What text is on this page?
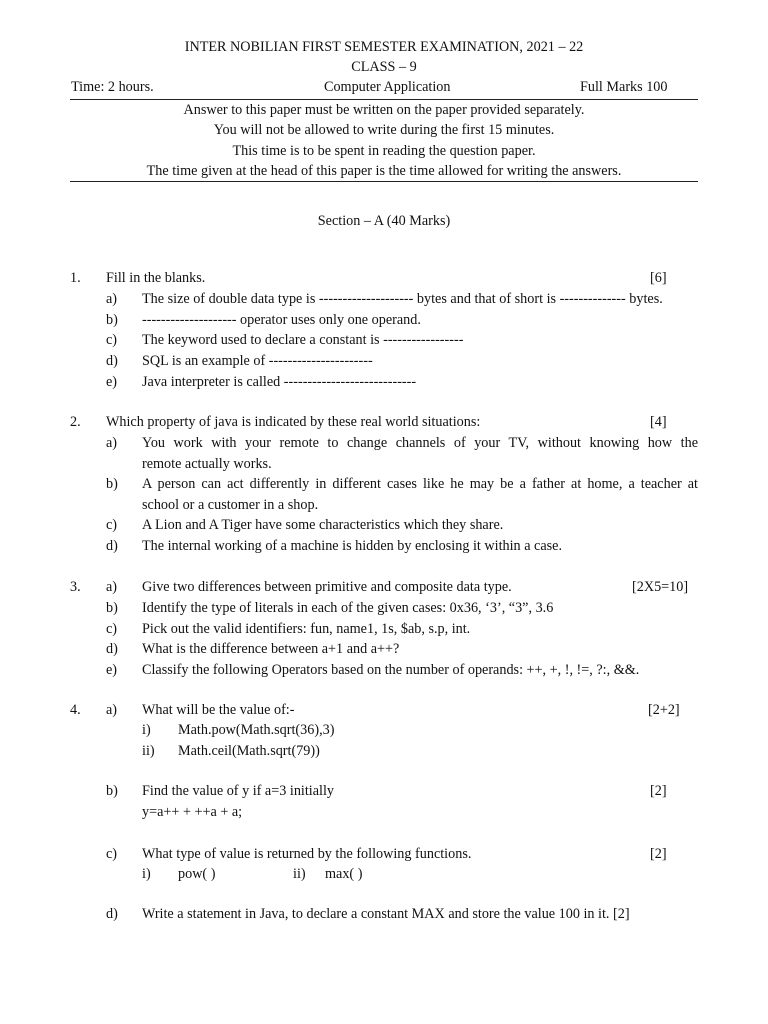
INTER NOBILIAN FIRST SEMESTER EXAMINATION, 2021 – 22
CLASS – 9
Time: 2 hours.	Computer Application	Full Marks 100
Answer to this paper must be written on the paper provided separately.
You will not be allowed to write during the first 15 minutes.
This time is to be spent in reading the question paper.
The time given at the head of this paper is the time allowed for writing the answers.
Section – A (40 Marks)
1. Fill in the blanks.	[6]
a) The size of double data type is -------------------- bytes and that of short is -------------- bytes.
b) -------------------- operator uses only one operand.
c) The keyword used to declare a constant is -----------------
d) SQL is an example of ----------------------
e) Java interpreter is called ----------------------------
2. Which property of java is indicated by these real world situations:	[4]
a) You work with your remote to change channels of your TV, without knowing how the
remote actually works.
b) A person can act differently in different cases like he may be a father at home, a teacher at
school or a customer in a shop.
c) A Lion and A Tiger have some characteristics which they share.
d) The internal working of a machine is hidden by enclosing it within a case.
3.	[2X5=10]
a) Give two differences between primitive and composite data type.
b) Identify the type of literals in each of the given cases: 0x36, ‘3’, “3”, 3.6
c) Pick out the valid identifiers: fun, name1, 1s, $ab, s.p, int.
d) What is the difference between a+1 and a++?
e) Classify the following Operators based on the number of operands: ++, +, !, !=, ?:, &&.
4. a) What will be the value of:-	[2+2]
i) Math.pow(Math.sqrt(36),3)
ii) Math.ceil(Math.sqrt(79))
b) Find the value of y if a=3 initially	[2]
y=a++ + ++a + a;
c) What type of value is returned by the following functions.	[2]
i) pow( )	ii) max( )
d) Write a statement in Java, to declare a constant MAX and store the value 100 in it. [2]
